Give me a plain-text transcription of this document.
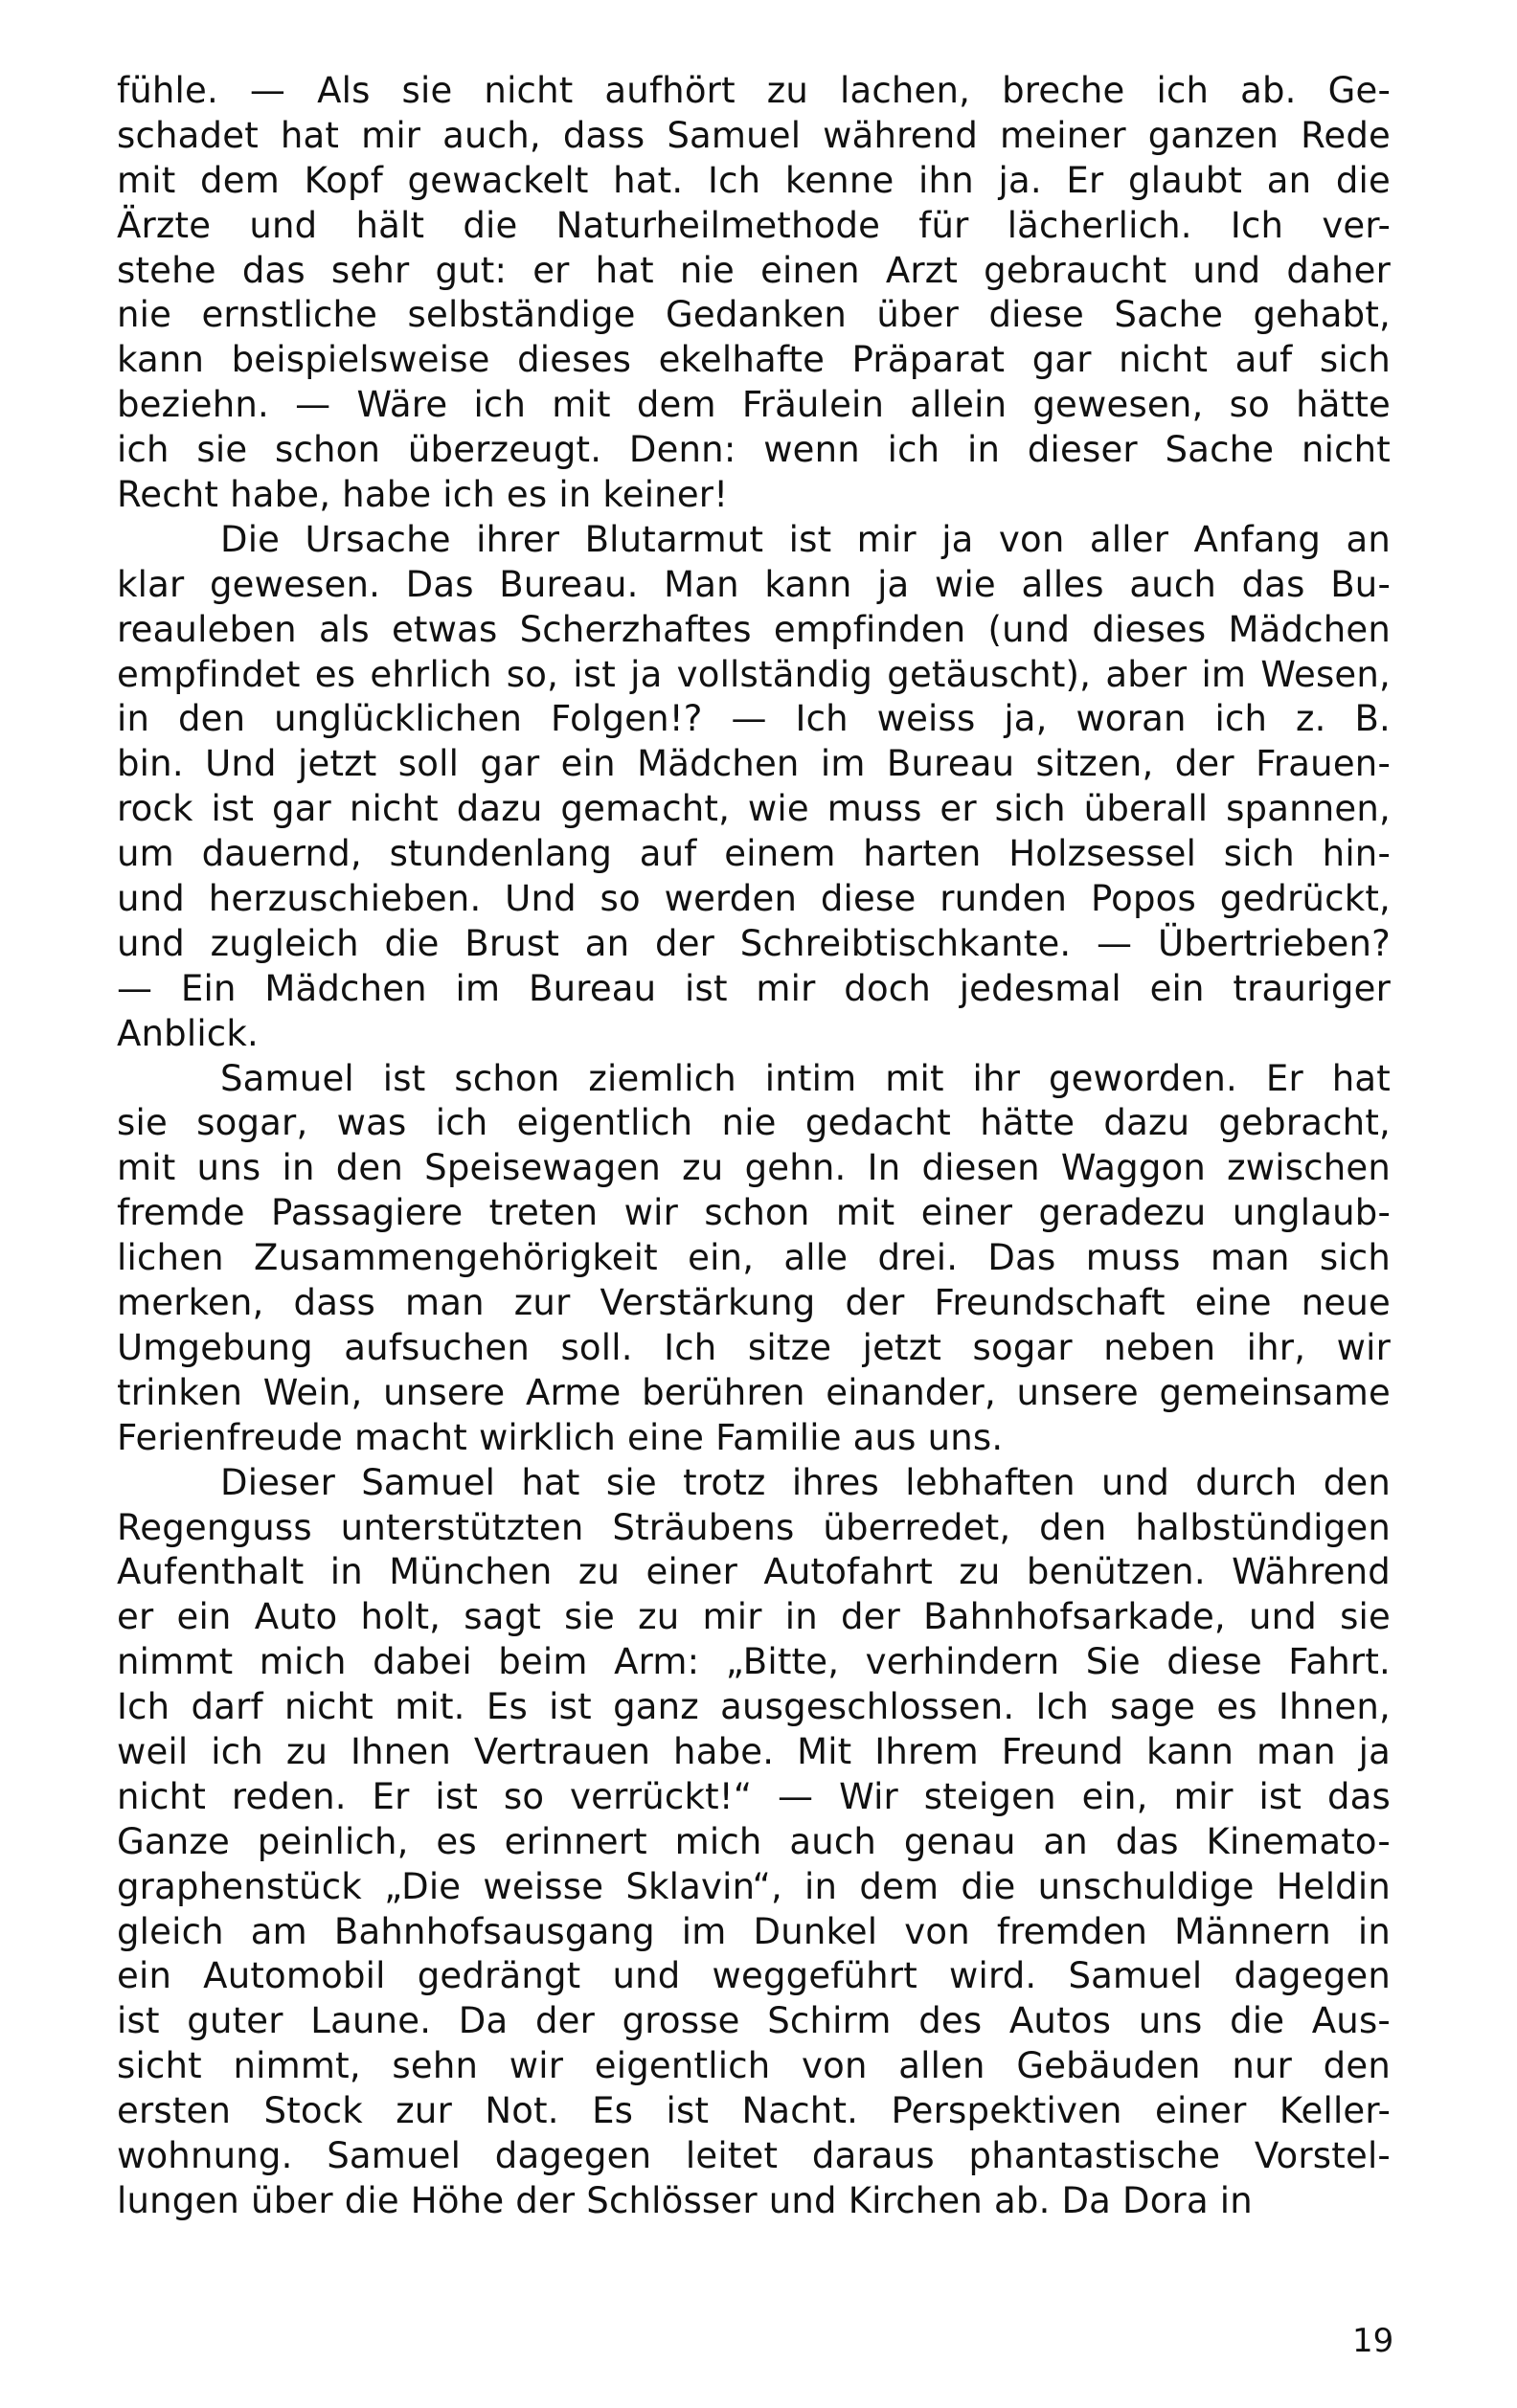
fühle. — Als sie nicht aufhört zu lachen, breche ich ab. Ge-
schadet hat mir auch, dass Samuel während meiner ganzen Rede
mit dem Kopf gewackelt hat. Ich kenne ihn ja. Er glaubt an die
Ärzte und hält die Naturheilmethode für lächerlich. Ich ver-
stehe das sehr gut: er hat nie einen Arzt gebraucht und daher
nie ernstliche selbständige Gedanken über diese Sache gehabt,
kann beispielsweise dieses ekelhafte Präparat gar nicht auf sich
beziehn. — Wäre ich mit dem Fräulein allein gewesen, so hätte
ich sie schon überzeugt. Denn: wenn ich in dieser Sache nicht
Recht habe, habe ich es in keiner!
Die Ursache ihrer Blutarmut ist mir ja von aller Anfang an
klar gewesen. Das Bureau. Man kann ja wie alles auch das Bu-
reauleben als etwas Scherzhaftes empfinden (und dieses Mädchen
empfindet es ehrlich so, ist ja vollständig getäuscht), aber im Wesen,
in den unglücklichen Folgen!? — Ich weiss ja, woran ich z. B.
bin. Und jetzt soll gar ein Mädchen im Bureau sitzen, der Frauen-
rock ist gar nicht dazu gemacht, wie muss er sich überall spannen,
um dauernd, stundenlang auf einem harten Holzsessel sich hin-
und herzuschieben. Und so werden diese runden Popos gedrückt,
und zugleich die Brust an der Schreibtischkante. — Übertrieben?
— Ein Mädchen im Bureau ist mir doch jedesmal ein trauriger
Anblick.
Samuel ist schon ziemlich intim mit ihr geworden. Er hat
sie sogar, was ich eigentlich nie gedacht hätte dazu gebracht,
mit uns in den Speisewagen zu gehn. In diesen Waggon zwischen
fremde Passagiere treten wir schon mit einer geradezu unglaub-
lichen Zusammengehörigkeit ein, alle drei. Das muss man sich
merken, dass man zur Verstärkung der Freundschaft eine neue
Umgebung aufsuchen soll. Ich sitze jetzt sogar neben ihr, wir
trinken Wein, unsere Arme berühren einander, unsere gemeinsame
Ferienfreude macht wirklich eine Familie aus uns.
Dieser Samuel hat sie trotz ihres lebhaften und durch den
Regenguss unterstützten Sträubens überredet, den halbstündigen
Aufenthalt in München zu einer Autofahrt zu benützen. Während
er ein Auto holt, sagt sie zu mir in der Bahnhofsarkade, und sie
nimmt mich dabei beim Arm: „Bitte, verhindern Sie diese Fahrt.
Ich darf nicht mit. Es ist ganz ausgeschlossen. Ich sage es Ihnen,
weil ich zu Ihnen Vertrauen habe. Mit Ihrem Freund kann man ja
nicht reden. Er ist so verrückt!“ — Wir steigen ein, mir ist das
Ganze peinlich, es erinnert mich auch genau an das Kinemato-
graphenstück „Die weisse Sklavin“, in dem die unschuldige Heldin
gleich am Bahnhofsausgang im Dunkel von fremden Männern in
ein Automobil gedrängt und weggeführt wird. Samuel dagegen
ist guter Laune. Da der grosse Schirm des Autos uns die Aus-
sicht nimmt, sehn wir eigentlich von allen Gebäuden nur den
ersten Stock zur Not. Es ist Nacht. Perspektiven einer Keller-
wohnung. Samuel dagegen leitet daraus phantastische Vorstel-
lungen über die Höhe der Schlösser und Kirchen ab. Da Dora in
19
